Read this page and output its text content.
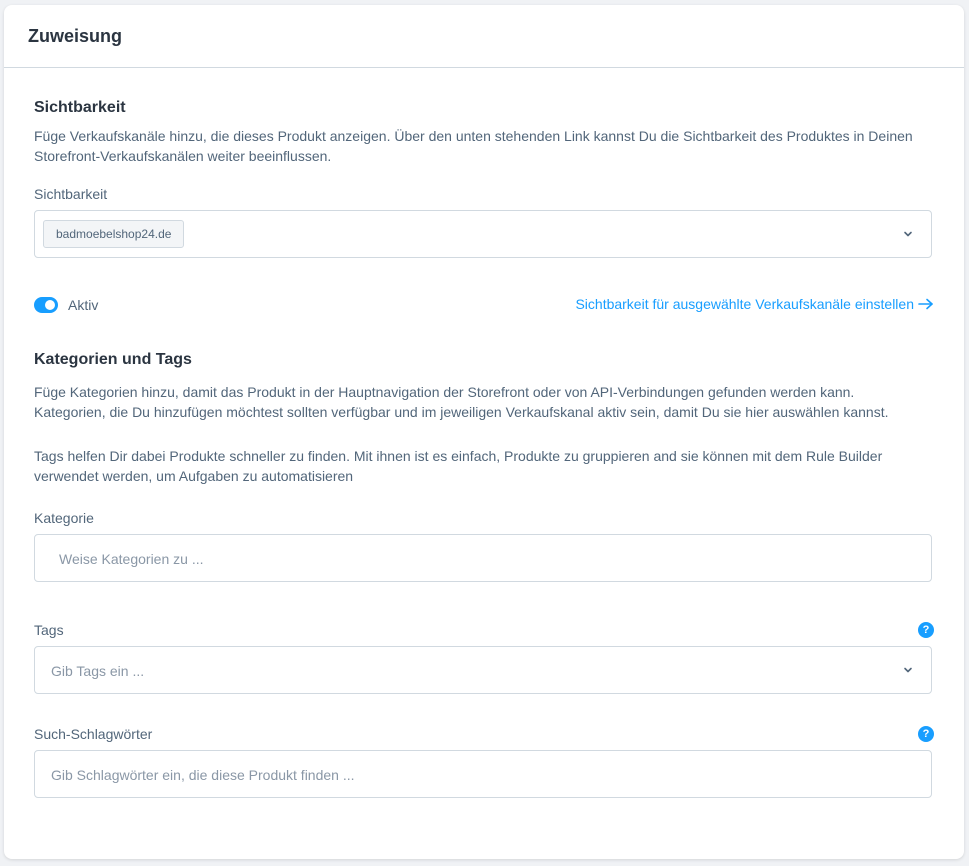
Zuweisung
Sichtbarkeit
Füge Verkaufskanäle hinzu, die dieses Produkt anzeigen. Über den unten stehenden Link kannst Du die Sichtbarkeit des Produktes in Deinen Storefront-Verkaufskanälen weiter beeinflussen.
Sichtbarkeit
badmoebelshop24.de
Aktiv	Sichtbarkeit für ausgewählte Verkaufskanäle einstellen
Kategorien und Tags
Füge Kategorien hinzu, damit das Produkt in der Hauptnavigation der Storefront oder von API-Verbindungen gefunden werden kann. Kategorien, die Du hinzufügen möchtest sollten verfügbar und im jeweiligen Verkaufskanal aktiv sein, damit Du sie hier auswählen kannst.
Tags helfen Dir dabei Produkte schneller zu finden. Mit ihnen ist es einfach, Produkte zu gruppieren and sie können mit dem Rule Builder verwendet werden, um Aufgaben zu automatisieren
Kategorie
Weise Kategorien zu ...
Tags	?
Gib Tags ein ...
Such-Schlagwörter	?
Gib Schlagwörter ein, die diese Produkt finden ...
